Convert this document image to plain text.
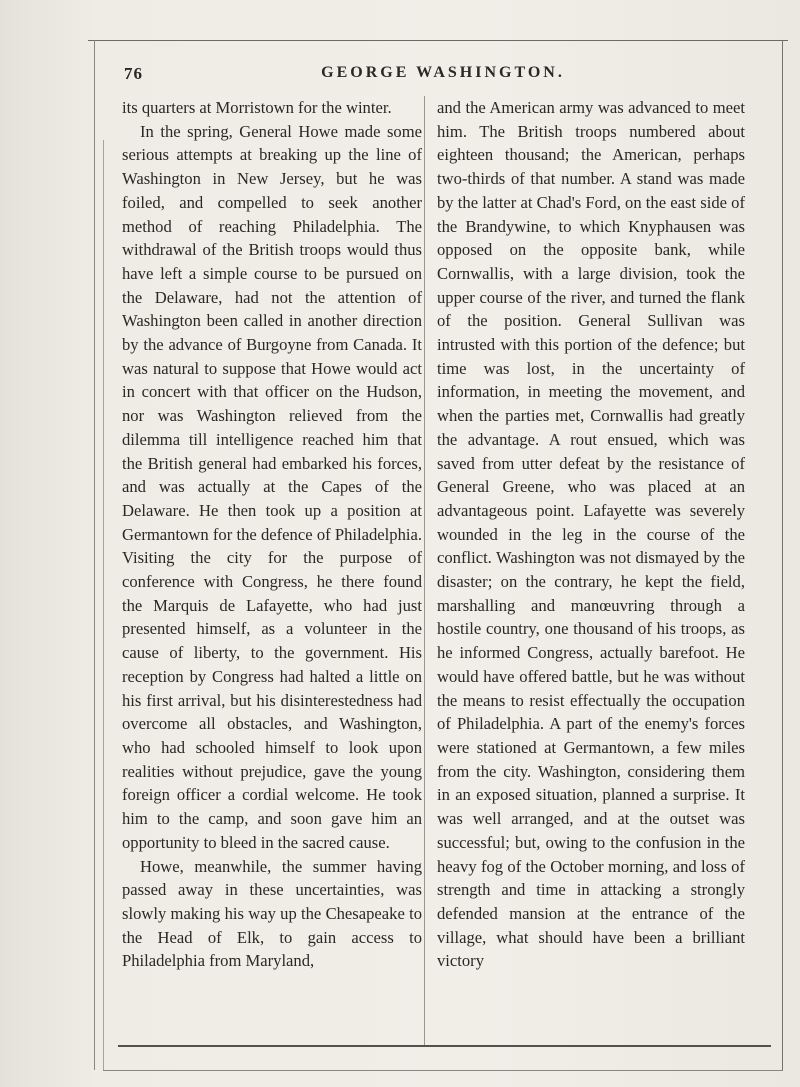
76	GEORGE WASHINGTON.

its quarters at Morristown for the winter.

In the spring, General Howe made some serious attempts at breaking up the line of Washington in New Jersey, but he was foiled, and compelled to seek another method of reaching Philadelphia. The withdrawal of the British troops would thus have left a simple course to be pursued on the Delaware, had not the attention of Washington been called in another direction by the advance of Burgoyne from Canada. It was natural to suppose that Howe would act in concert with that officer on the Hudson, nor was Washington relieved from the dilemma till intelligence reached him that the British general had embarked his forces, and was actually at the Capes of the Delaware. He then took up a position at Germantown for the defence of Philadelphia. Visiting the city for the purpose of conference with Congress, he there found the Marquis de Lafayette, who had just presented himself, as a volunteer in the cause of liberty, to the government. His reception by Congress had halted a little on his first arrival, but his disinterestedness had overcome all obstacles, and Washington, who had schooled himself to look upon realities without prejudice, gave the young foreign officer a cordial welcome. He took him to the camp, and soon gave him an opportunity to bleed in the sacred cause.

Howe, meanwhile, the summer having passed away in these uncertainties, was slowly making his way up the Chesapeake to the Head of Elk, to gain access to Philadelphia from Maryland,

and the American army was advanced to meet him. The British troops numbered about eighteen thousand; the American, perhaps two-thirds of that number. A stand was made by the latter at Chad's Ford, on the east side of the Brandywine, to which Knyphausen was opposed on the opposite bank, while Cornwallis, with a large division, took the upper course of the river, and turned the flank of the position. General Sullivan was intrusted with this portion of the defence; but time was lost, in the uncertainty of information, in meeting the movement, and when the parties met, Cornwallis had greatly the advantage. A rout ensued, which was saved from utter defeat by the resistance of General Greene, who was placed at an advantageous point. Lafayette was severely wounded in the leg in the course of the conflict. Washington was not dismayed by the disaster; on the contrary, he kept the field, marshalling and manœuvring through a hostile country, one thousand of his troops, as he informed Congress, actually barefoot. He would have offered battle, but he was without the means to resist effectually the occupation of Philadelphia. A part of the enemy's forces were stationed at Germantown, a few miles from the city. Washington, considering them in an exposed situation, planned a surprise. It was well arranged, and at the outset was successful; but, owing to the confusion in the heavy fog of the October morning, and loss of strength and time in attacking a strongly defended mansion at the entrance of the village, what should have been a brilliant victory
